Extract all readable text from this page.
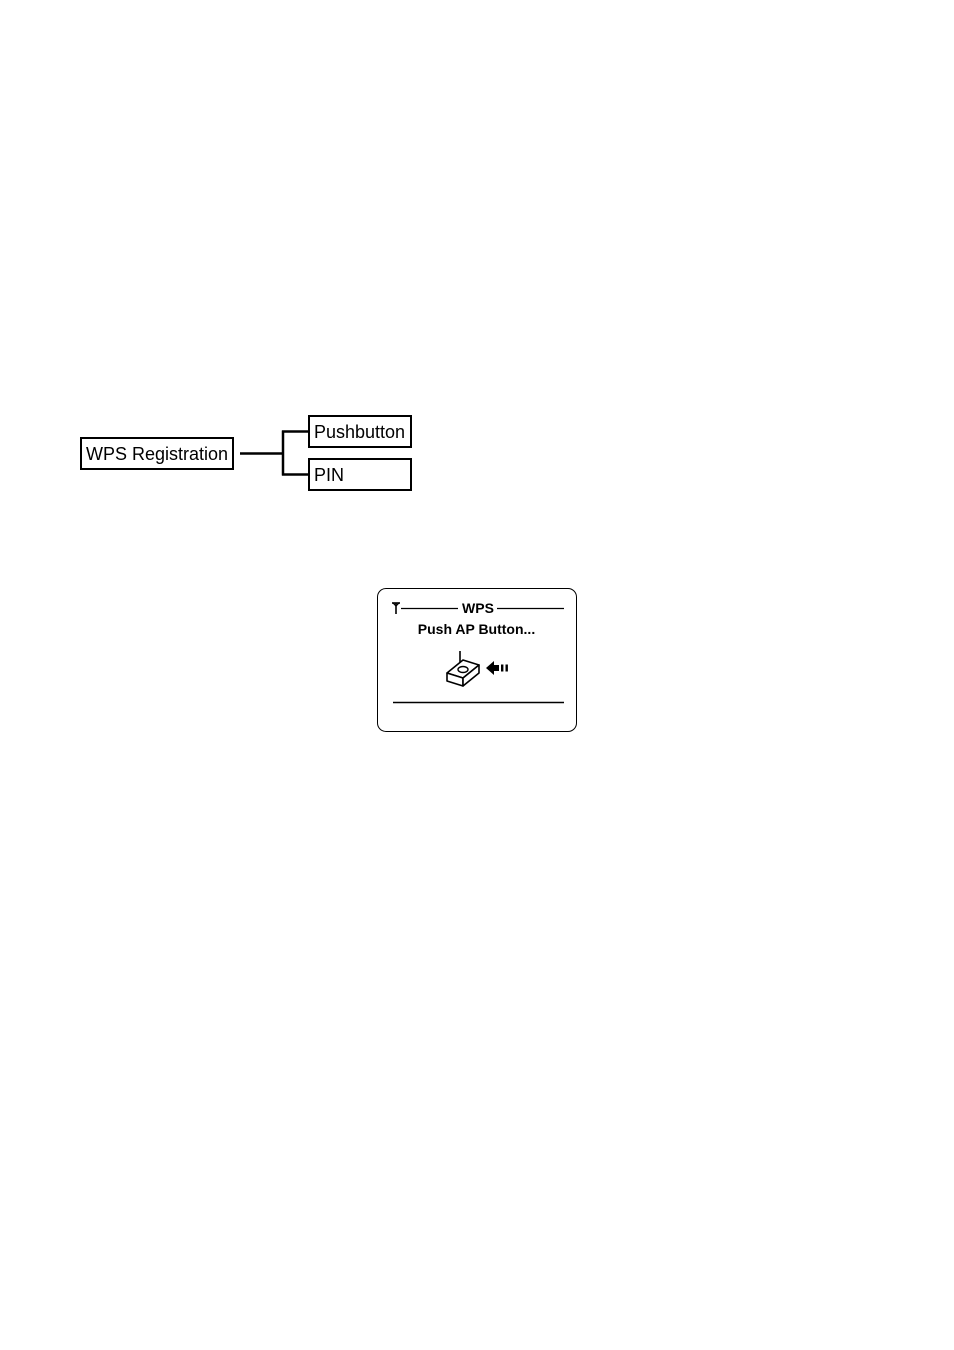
WPS Registration
Pushbutton
PIN
WPS
Push AP Button...
